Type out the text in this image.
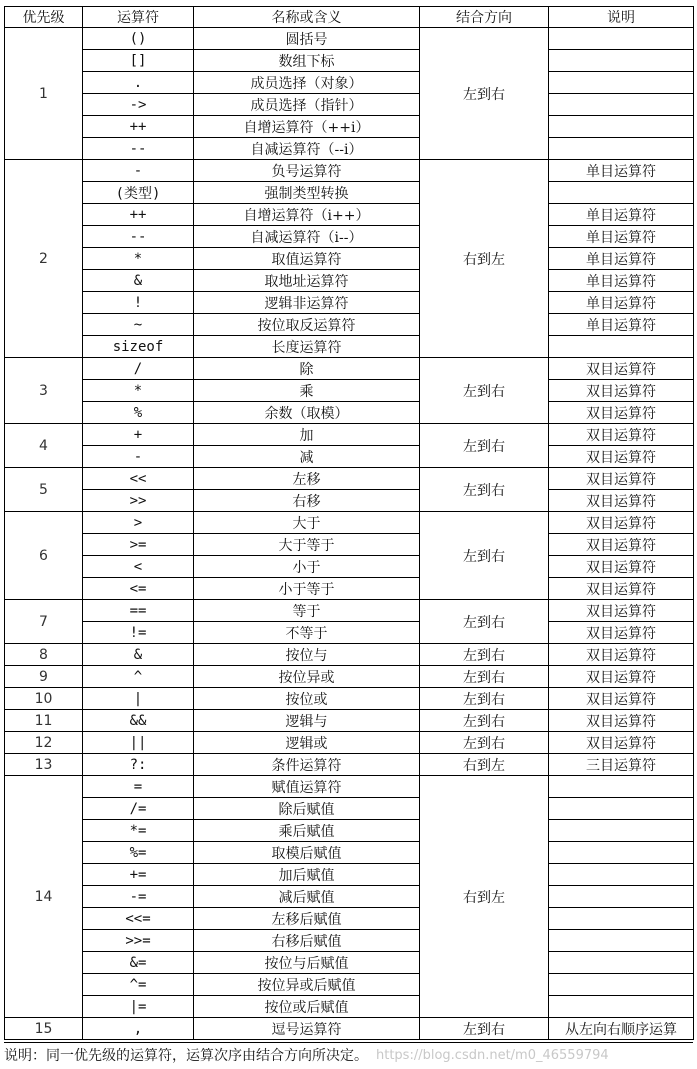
优先级	运算符	名称或含义	结合方向	说明
1	()	圆括号	左到右	
	[]	数组下标		
	.	成员选择（对象）		
	->	成员选择（指针）		
	++	自增运算符（++i）		
	--	自减运算符（--i）		
2	-	负号运算符	右到左	单目运算符
	(类型)	强制类型转换		
	++	自增运算符（i++）		单目运算符
	--	自减运算符（i--）		单目运算符
	*	取值运算符		单目运算符
	&	取地址运算符		单目运算符
	!	逻辑非运算符		单目运算符
	~	按位取反运算符		单目运算符
	sizeof	长度运算符		
3	/	除	左到右	双目运算符
	*	乘		双目运算符
	%	余数（取模）		双目运算符
4	+	加	左到右	双目运算符
	-	减		双目运算符
5	<<	左移	左到右	双目运算符
	>>	右移		双目运算符
6	>	大于	左到右	双目运算符
	>=	大于等于		双目运算符
	<	小于		双目运算符
	<=	小于等于		双目运算符
7	==	等于	左到右	双目运算符
	!=	不等于		双目运算符
8	&	按位与	左到右	双目运算符
9	^	按位异或	左到右	双目运算符
10	|	按位或	左到右	双目运算符
11	&&	逻辑与	左到右	双目运算符
12	||	逻辑或	左到右	双目运算符
13	?:	条件运算符	右到左	三目运算符
14	=	赋值运算符	右到左	
	/=	除后赋值		
	*=	乘后赋值		
	%=	取模后赋值		
	+=	加后赋值		
	-=	减后赋值		
	<<=	左移后赋值		
	>>=	右移后赋值		
	&=	按位与后赋值		
	^=	按位异或后赋值		
	|=	按位或后赋值		
15	,	逗号运算符	左到右	从左向右顺序运算
说明：同一优先级的运算符，运算次序由结合方向所决定。 https://blog.csdn.net/m0_46559794
